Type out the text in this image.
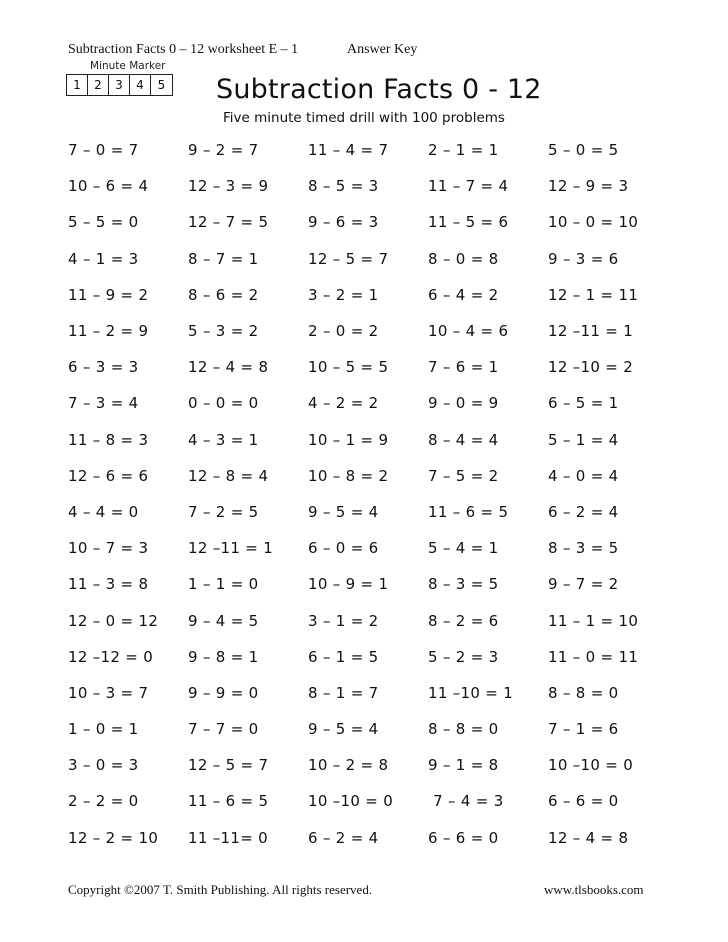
Subtraction Facts 0 – 12 worksheet E – 1	Answer Key
Minute Marker
1	2	3	4	5 Subtraction Facts 0 - 12
Five minute timed drill with 100 problems
7 – 0 = 7	9 – 2 = 7	11 – 4 = 7	2 – 1 = 1	5 – 0 = 5
10 – 6 = 4	12 – 3 = 9	8 – 5 = 3	11 – 7 = 4	12 – 9 = 3
5 – 5 = 0	12 – 7 = 5	9 – 6 = 3	11 – 5 = 6	10 – 0 = 10
4 – 1 = 3	8 – 7 = 1	12 – 5 = 7	8 – 0 = 8	9 – 3 = 6
11 – 9 = 2	8 – 6 = 2	3 – 2 = 1	6 – 4 = 2	12 – 1 = 11
11 – 2 = 9	5 – 3 = 2	2 – 0 = 2	10 – 4 = 6	12 –11 = 1
6 – 3 = 3	12 – 4 = 8	10 – 5 = 5	7 – 6 = 1	12 –10 = 2
7 – 3 = 4	0 – 0 = 0	4 – 2 = 2	9 – 0 = 9	6 – 5 = 1
11 – 8 = 3	4 – 3 = 1	10 – 1 = 9	8 – 4 = 4	5 – 1 = 4
12 – 6 = 6	12 – 8 = 4	10 – 8 = 2	7 – 5 = 2	4 – 0 = 4
4 – 4 = 0	7 – 2 = 5	9 – 5 = 4	11 – 6 = 5	6 – 2 = 4
10 – 7 = 3	12 –11 = 1	6 – 0 = 6	5 – 4 = 1	8 – 3 = 5
11 – 3 = 8	1 – 1 = 0	10 – 9 = 1	8 – 3 = 5	9 – 7 = 2
12 – 0 = 12	9 – 4 = 5	3 – 1 = 2	8 – 2 = 6	11 – 1 = 10
12 –12 = 0	9 – 8 = 1	6 – 1 = 5	5 – 2 = 3	11 – 0 = 11
10 – 3 = 7	9 – 9 = 0	8 – 1 = 7	11 –10 = 1	8 – 8 = 0
1 – 0 = 1	7 – 7 = 0	9 – 5 = 4	8 – 8 = 0	7 – 1 = 6
3 – 0 = 3	12 – 5 = 7	10 – 2 = 8	9 – 1 = 8	10 –10 = 0
2 – 2 = 0	11 – 6 = 5	10 –10 = 0	7 – 4 = 3	6 – 6 = 0
12 – 2 = 10	11 –11= 0	6 – 2 = 4	6 – 6 = 0	12 – 4 = 8
Copyright ©2007 T. Smith Publishing. All rights reserved.	www.tlsbooks.com
